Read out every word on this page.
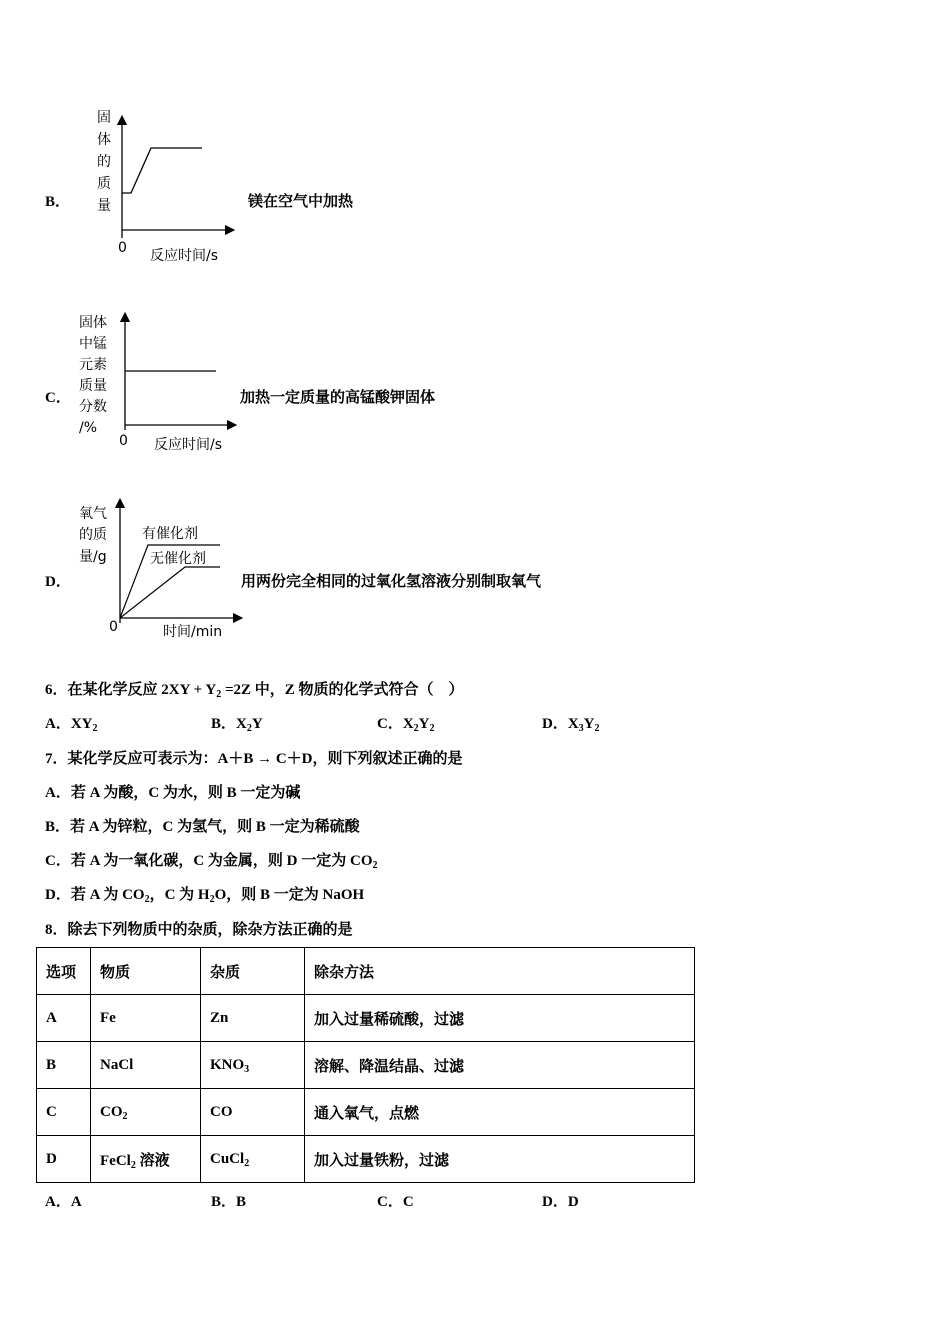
B．
固
体
的
质
量
0 反应时间/s
镁在空气中加热
C．
固体
中锰
元素
质量
分数
/%
0 反应时间/s
加热一定质量的高锰酸钾固体
D．
氧气
的质
量/g
有催化剂
无催化剂
0	时间/min
用两份完全相同的过氧化氢溶液分别制取氧气
6．在某化学反应 $2XY + Y_2 =2Z$ 中，Z 物质的化学式符合（　）
A．$XY_2$	B．$X_2Y$	C．$X_2Y_2$	D．$X_3Y_2$
7．某化学反应可表示为：A＋B → C＋D，则下列叙述正确的是
A．若 A 为酸，C 为水，则 B 一定为碱
B．若 A 为锌粒，C 为氢气，则 B 一定为稀硫酸
C．若 A 为一氧化碳，C 为金属，则 D 一定为 $CO_2$
D．若 A 为 $CO_2$，C 为 $H_2O$，则 B 一定为 NaOH
8．除去下列物质中的杂质，除杂方法正确的是
选项	物质	杂质	除杂方法
A	Fe	Zn	加入过量稀硫酸，过滤
B	NaCl	$KNO_3$	溶解、降温结晶、过滤
C	$CO_2$	CO	通入氧气，点燃
D	FeCl$_2$ 溶液	CuCl$_2$	加入过量铁粉，过滤
A．A	B．B	C．C	D．D
